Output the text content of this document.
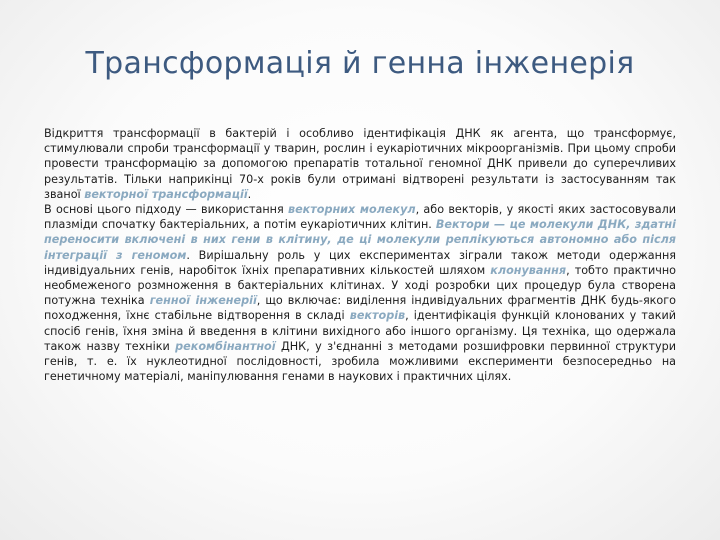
Трансформація й генна інженерія

Відкриття трансформації в бактерій і особливо ідентифікація ДНК як агента, що трансформує, стимулювали спроби трансформації у тварин, рослин і еукаріотичних мікроорганізмів. При цьому спроби провести трансформацію за допомогою препаратів тотальної геномної ДНК привели до суперечливих результатів. Тільки наприкінці 70-х років були отримані відтворені результати із застосуванням так званої векторної трансформації.

В основі цього підходу — використання векторних молекул, або векторів, у якості яких застосовували плазміди спочатку бактеріальних, а потім еукаріотичних клітин. Вектори — це молекули ДНК, здатні переносити включені в них гени в клітину, де ці молекули реплікуються автономно або після інтеграції з геномом. Вирішальну роль у цих експериментах зіграли також методи одержання індивідуальних генів, наробіток їхніх препаративних кількостей шляхом клонування, тобто практично необмеженого розмноження в бактеріальних клітинах. У ході розробки цих процедур була створена потужна техніка генної інженерії, що включає: виділення індивідуальних фрагментів ДНК будь-якого походження, їхнє стабільне відтворення в складі векторів, ідентифікація функцій клонованих у такий спосіб генів, їхня зміна й введення в клітини вихідного або іншого організму. Ця техніка, що одержала також назву техніки рекомбінантної ДНК, у з'єднанні з методами розшифровки первинної структури генів, т. е. їх нуклеотидної послідовності, зробила можливими експерименти безпосередньо на генетичному матеріалі, маніпулювання генами в наукових і практичних цілях.
